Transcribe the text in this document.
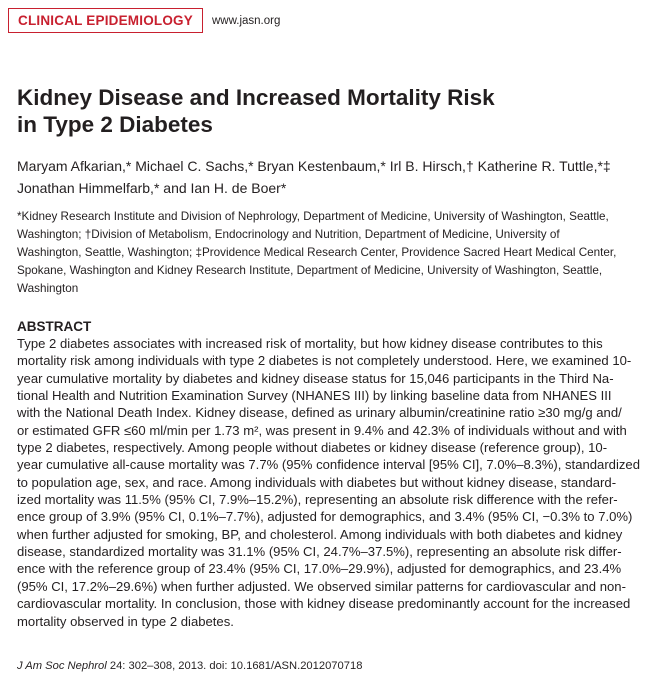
CLINICAL EPIDEMIOLOGY	www.jasn.org
Kidney Disease and Increased Mortality Risk
in Type 2 Diabetes
Maryam Afkarian,* Michael C. Sachs,* Bryan Kestenbaum,* Irl B. Hirsch,† Katherine R. Tuttle,*‡
Jonathan Himmelfarb,* and Ian H. de Boer*
*Kidney Research Institute and Division of Nephrology, Department of Medicine, University of Washington, Seattle,
Washington; †Division of Metabolism, Endocrinology and Nutrition, Department of Medicine, University of
Washington, Seattle, Washington; ‡Providence Medical Research Center, Providence Sacred Heart Medical Center,
Spokane, Washington and Kidney Research Institute, Department of Medicine, University of Washington, Seattle, Washington
ABSTRACT
Type 2 diabetes associates with increased risk of mortality, but how kidney disease contributes to this
mortality risk among individuals with type 2 diabetes is not completely understood. Here, we examined 10-
year cumulative mortality by diabetes and kidney disease status for 15,046 participants in the Third Na-
tional Health and Nutrition Examination Survey (NHANES III) by linking baseline data from NHANES III
with the National Death Index. Kidney disease, defined as urinary albumin/creatinine ratio ≥30 mg/g and/
or estimated GFR ≤60 ml/min per 1.73 m², was present in 9.4% and 42.3% of individuals without and with
type 2 diabetes, respectively. Among people without diabetes or kidney disease (reference group), 10-
year cumulative all-cause mortality was 7.7% (95% confidence interval [95% CI], 7.0%–8.3%), standardized
to population age, sex, and race. Among individuals with diabetes but without kidney disease, standard-
ized mortality was 11.5% (95% CI, 7.9%–15.2%), representing an absolute risk difference with the refer-
ence group of 3.9% (95% CI, 0.1%–7.7%), adjusted for demographics, and 3.4% (95% CI, −0.3% to 7.0%)
when further adjusted for smoking, BP, and cholesterol. Among individuals with both diabetes and kidney
disease, standardized mortality was 31.1% (95% CI, 24.7%–37.5%), representing an absolute risk differ-
ence with the reference group of 23.4% (95% CI, 17.0%–29.9%), adjusted for demographics, and 23.4%
(95% CI, 17.2%–29.6%) when further adjusted. We observed similar patterns for cardiovascular and non-
cardiovascular mortality. In conclusion, those with kidney disease predominantly account for the increased
mortality observed in type 2 diabetes.
J Am Soc Nephrol 24: 302–308, 2013. doi: 10.1681/ASN.2012070718
